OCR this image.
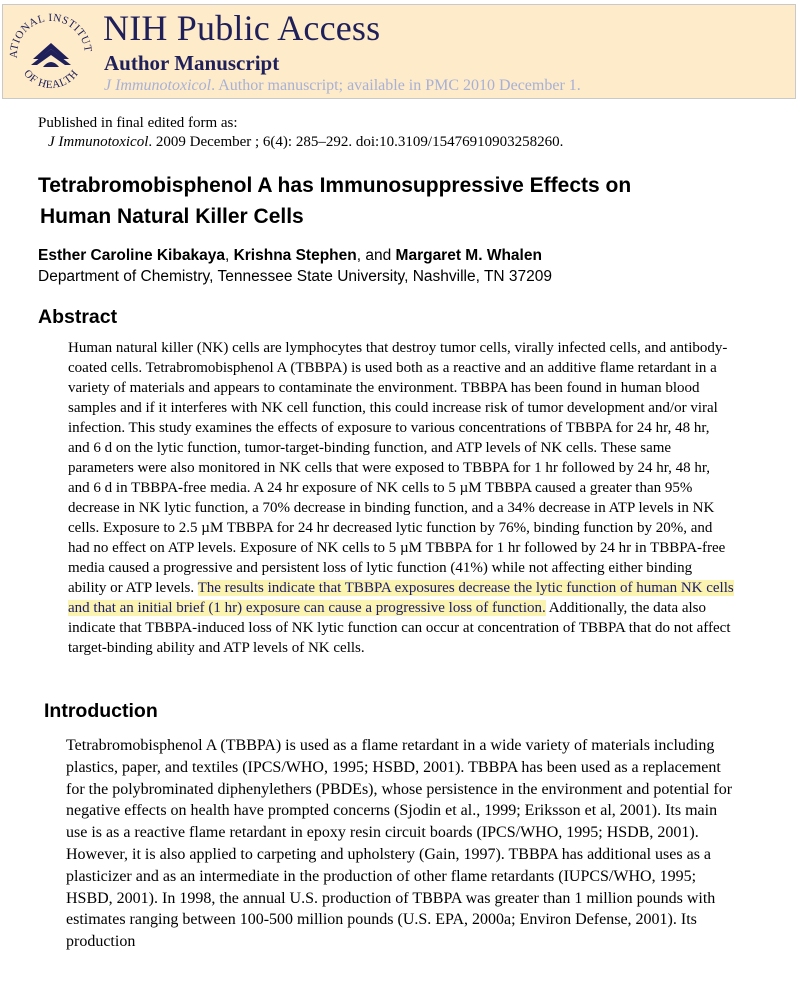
ATIONAL INSTITUT
OF HEALTH
NIH Public Access
Author Manuscript
J Immunotoxicol. Author manuscript; available in PMC 2010 December 1.
Published in final edited form as:
J Immunotoxicol. 2009 December ; 6(4): 285–292. doi:10.3109/15476910903258260.
Tetrabromobisphenol A has Immunosuppressive Effects on
Human Natural Killer Cells
Esther Caroline Kibakaya, Krishna Stephen, and Margaret M. Whalen
Department of Chemistry, Tennessee State University, Nashville, TN 37209
Abstract
Human natural killer (NK) cells are lymphocytes that destroy tumor cells, virally infected cells, and antibody-coated cells. Tetrabromobisphenol A (TBBPA) is used both as a reactive and an additive flame retardant in a variety of materials and appears to contaminate the environment. TBBPA has been found in human blood samples and if it interferes with NK cell function, this could increase risk of tumor development and/or viral infection. This study examines the effects of exposure to various concentrations of TBBPA for 24 hr, 48 hr, and 6 d on the lytic function, tumor-target-binding function, and ATP levels of NK cells. These same parameters were also monitored in NK cells that were exposed to TBBPA for 1 hr followed by 24 hr, 48 hr, and 6 d in TBBPA-free media. A 24 hr exposure of NK cells to 5 µM TBBPA caused a greater than 95% decrease in NK lytic function, a 70% decrease in binding function, and a 34% decrease in ATP levels in NK cells. Exposure to 2.5 µM TBBPA for 24 hr decreased lytic function by 76%, binding function by 20%, and had no effect on ATP levels. Exposure of NK cells to 5 µM TBBPA for 1 hr followed by 24 hr in TBBPA-free media caused a progressive and persistent loss of lytic function (41%) while not affecting either binding ability or ATP levels. The results indicate that TBBPA exposures decrease the lytic function of human NK cells and that an initial brief (1 hr) exposure can cause a progressive loss of function. Additionally, the data also indicate that TBBPA-induced loss of NK lytic function can occur at concentration of TBBPA that do not affect target-binding ability and ATP levels of NK cells.
Introduction
Tetrabromobisphenol A (TBBPA) is used as a flame retardant in a wide variety of materials including plastics, paper, and textiles (IPCS/WHO, 1995; HSBD, 2001). TBBPA has been used as a replacement for the polybrominated diphenylethers (PBDEs), whose persistence in the environment and potential for negative effects on health have prompted concerns (Sjodin et al., 1999; Eriksson et al, 2001). Its main use is as a reactive flame retardant in epoxy resin circuit boards (IPCS/WHO, 1995; HSDB, 2001). However, it is also applied to carpeting and upholstery (Gain, 1997). TBBPA has additional uses as a plasticizer and as an intermediate in the production of other flame retardants (IUPCS/WHO, 1995; HSBD, 2001). In 1998, the annual U.S. production of TBBPA was greater than 1 million pounds with estimates ranging between 100-500 million pounds (U.S. EPA, 2000a; Environ Defense, 2001). Its production
